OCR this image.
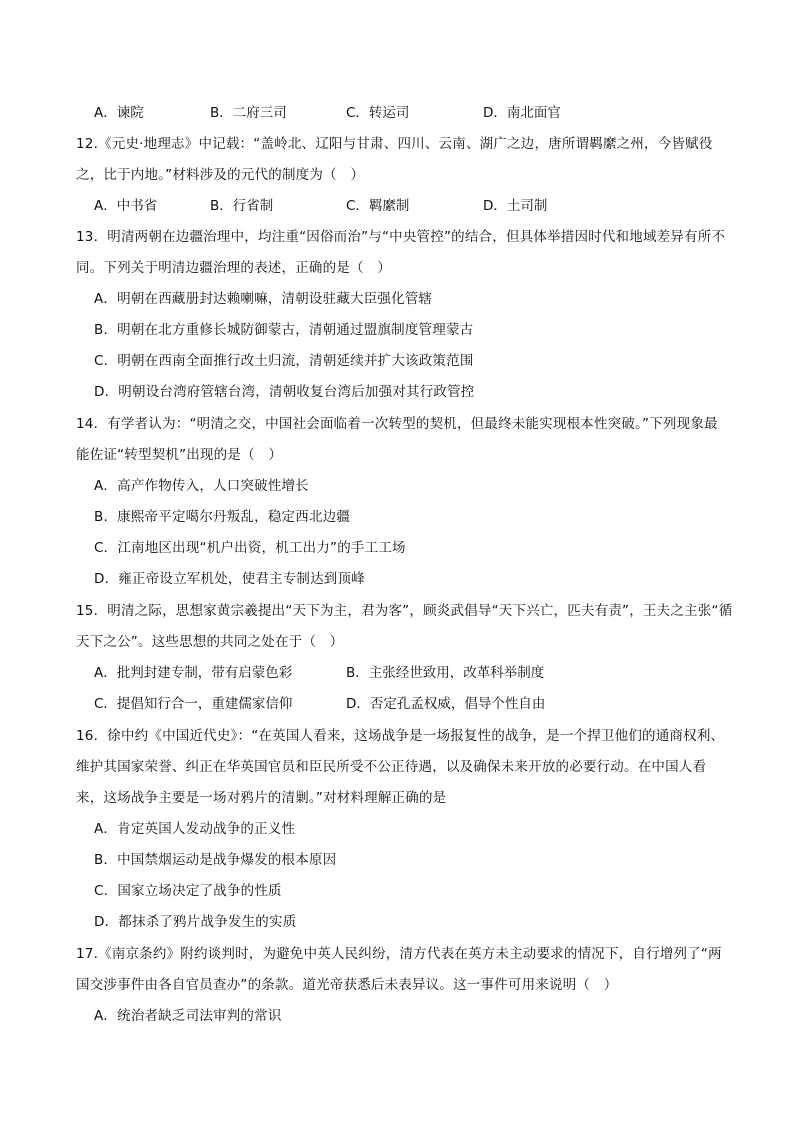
A．谏院	B．二府三司	C．转运司	D．南北面官
12.《元史·地理志》中记载：“盖岭北、辽阳与甘肃、四川、云南、湖广之边，唐所谓羁縻之州，今皆赋役
之，比于内地。”材料涉及的元代的制度为（　）
A．中书省	B．行省制	C．羁縻制	D．土司制
13．明清两朝在边疆治理中，均注重“因俗而治”与“中央管控”的结合，但具体举措因时代和地域差异有所不
同。下列关于明清边疆治理的表述，正确的是（　）
A．明朝在西藏册封达赖喇嘛，清朝设驻藏大臣强化管辖
B．明朝在北方重修长城防御蒙古，清朝通过盟旗制度管理蒙古
C．明朝在西南全面推行改土归流，清朝延续并扩大该政策范围
D．明朝设台湾府管辖台湾，清朝收复台湾后加强对其行政管控
14．有学者认为：“明清之交，中国社会面临着一次转型的契机，但最终未能实现根本性突破。”下列现象最
能佐证“转型契机”出现的是（　）
A．高产作物传入，人口突破性增长
B．康熙帝平定噶尔丹叛乱，稳定西北边疆
C．江南地区出现“机户出资，机工出力”的手工工场
D．雍正帝设立军机处，使君主专制达到顶峰
15．明清之际，思想家黄宗羲提出“天下为主，君为客”，顾炎武倡导“天下兴亡，匹夫有责”，王夫之主张“循
天下之公”。这些思想的共同之处在于（　）
A．批判封建专制，带有启蒙色彩	B．主张经世致用，改革科举制度
C．提倡知行合一，重建儒家信仰	D．否定孔孟权威，倡导个性自由
16．徐中约《中国近代史》：“在英国人看来，这场战争是一场报复性的战争，是一个捍卫他们的通商权利、
维护其国家荣誉、纠正在华英国官员和臣民所受不公正待遇，以及确保未来开放的必要行动。在中国人看
来，这场战争主要是一场对鸦片的清剿。”对材料理解正确的是
A．肯定英国人发动战争的正义性
B．中国禁烟运动是战争爆发的根本原因
C．国家立场决定了战争的性质
D．都抹杀了鸦片战争发生的实质
17.《南京条约》附约谈判时，为避免中英人民纠纷，清方代表在英方未主动要求的情况下，自行增列了“两
国交涉事件由各自官员查办”的条款。道光帝获悉后未表异议。这一事件可用来说明（　）
A．统治者缺乏司法审判的常识
